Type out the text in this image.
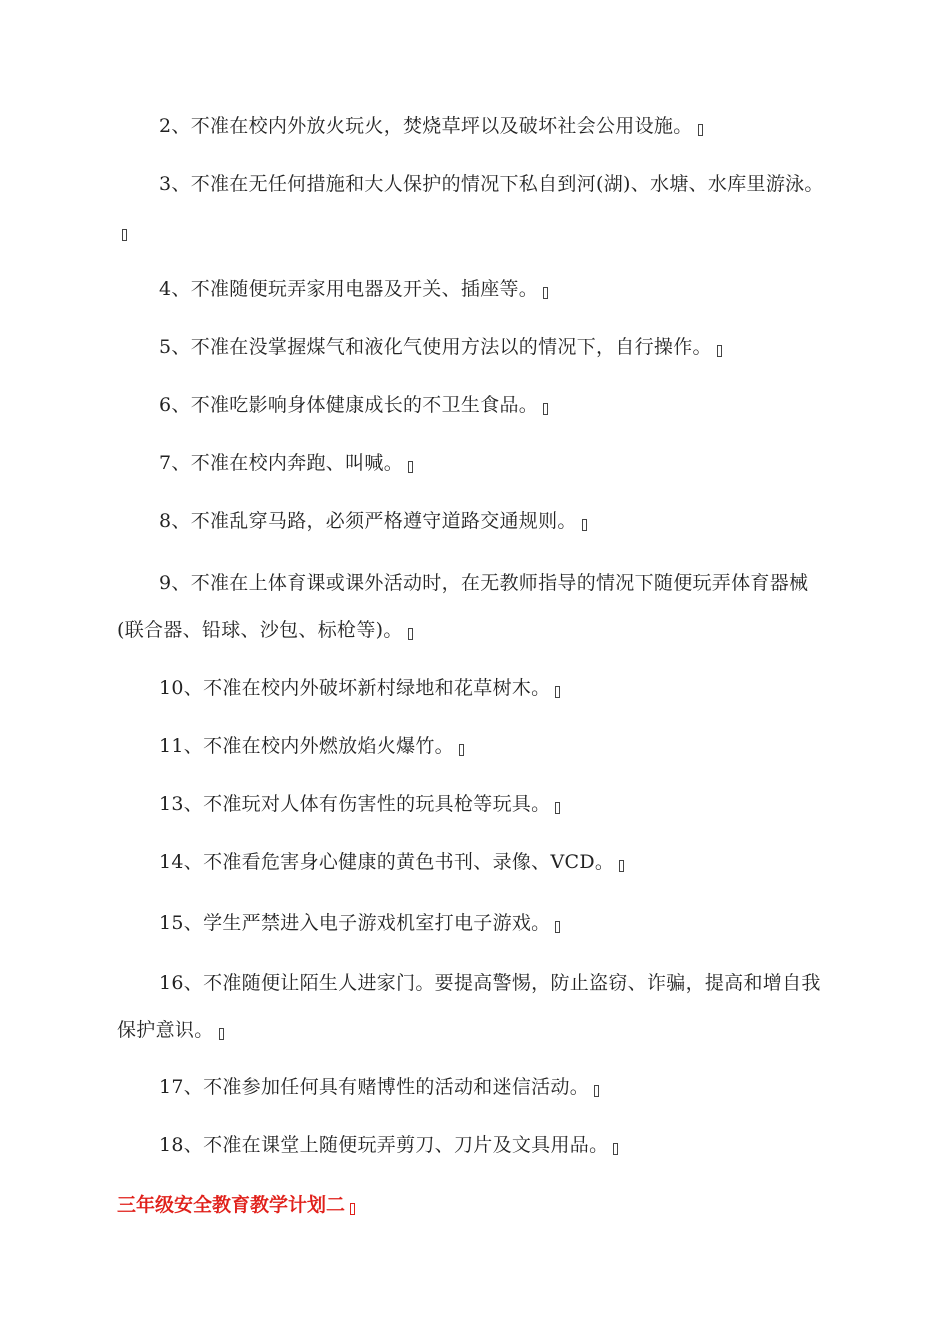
2、不准在校内外放火玩火，焚烧草坪以及破坏社会公用设施。

3、不准在无任何措施和大人保护的情况下私自到河(湖)、水塘、水库里游泳。

4、不准随便玩弄家用电器及开关、插座等。

5、不准在没掌握煤气和液化气使用方法以的情况下，自行操作。

6、不准吃影响身体健康成长的不卫生食品。

7、不准在校内奔跑、叫喊。

8、不准乱穿马路，必须严格遵守道路交通规则。

9、不准在上体育课或课外活动时，在无教师指导的情况下随便玩弄体育器械(联合器、铅球、沙包、标枪等)。

10、不准在校内外破坏新村绿地和花草树木。

11、不准在校内外燃放焰火爆竹。

13、不准玩对人体有伤害性的玩具枪等玩具。

14、不准看危害身心健康的黄色书刊、录像、VCD。

15、学生严禁进入电子游戏机室打电子游戏。

16、不准随便让陌生人进家门。要提高警惕，防止盗窃、诈骗，提高和增自我保护意识。

17、不准参加任何具有赌博性的活动和迷信活动。

18、不准在课堂上随便玩弄剪刀、刀片及文具用品。

三年级安全教育教学计划二
